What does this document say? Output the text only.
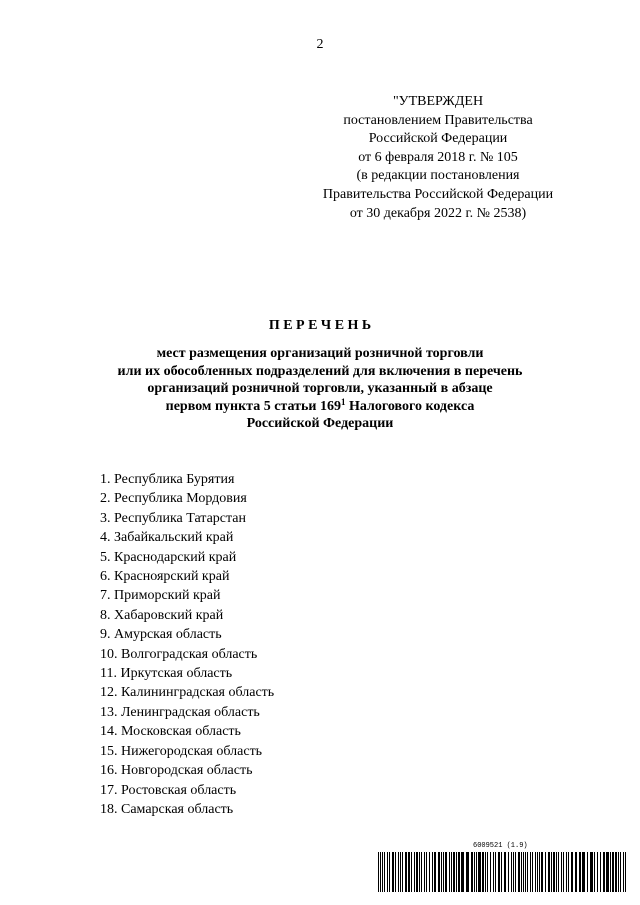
2
"УТВЕРЖДЕН
постановлением Правительства
Российской Федерации
от 6 февраля 2018 г. № 105
(в редакции постановления
Правительства Российской Федерации
от 30 декабря 2022 г. № 2538)
П Е Р Е Ч Е Н Ь
мест размещения организаций розничной торговли
или их обособленных подразделений для включения в перечень
организаций розничной торговли, указанный в абзаце
первом пункта 5 статьи $169^1$ Налогового кодекса
Российской Федерации
1. Республика Бурятия
2. Республика Мордовия
3. Республика Татарстан
4. Забайкальский край
5. Краснодарский край
6. Красноярский край
7. Приморский край
8. Хабаровский край
9. Амурская область
10. Волгоградская область
11. Иркутская область
12. Калининградская область
13. Ленинградская область
14. Московская область
15. Нижегородская область
16. Новгородская область
17. Ростовская область
18. Самарская область
6009521 (1.9)
